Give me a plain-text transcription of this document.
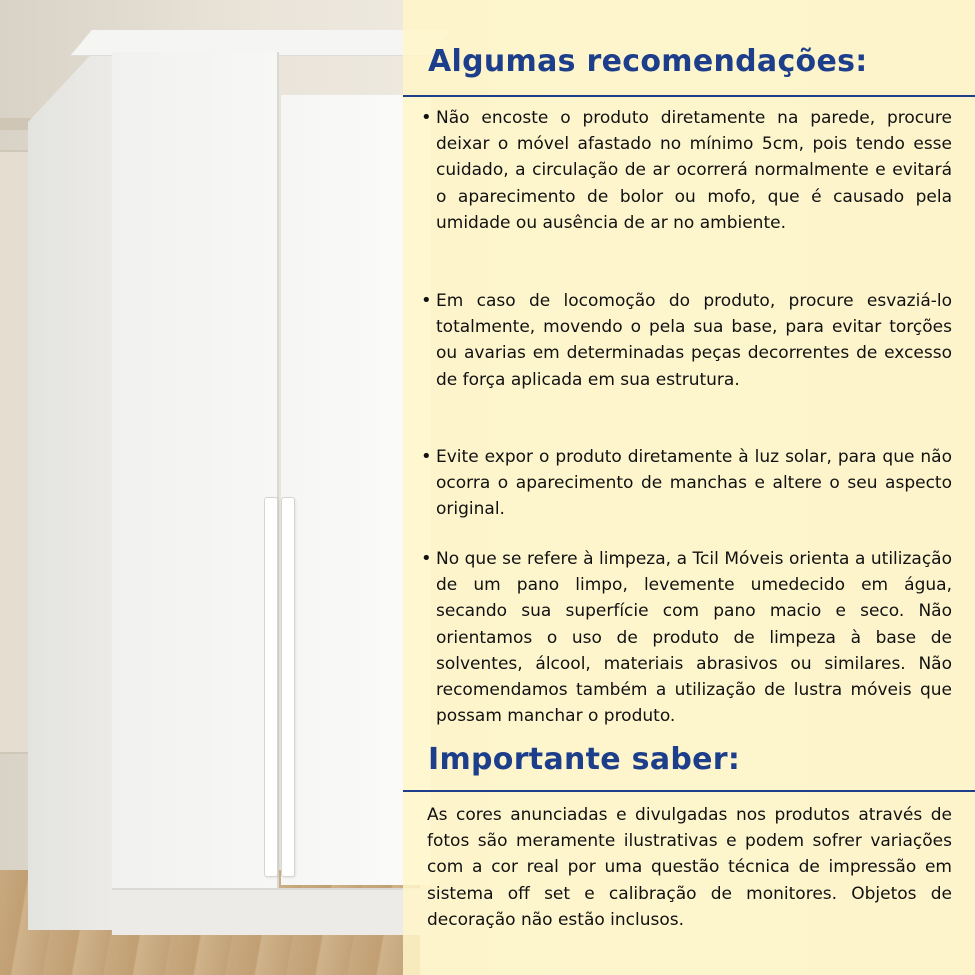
Algumas recomendações:
• Não encoste o produto diretamente na parede, procure deixar o móvel afastado no mínimo 5cm, pois tendo esse cuidado, a circulação de ar ocorrerá normalmente e evitará o aparecimento de bolor ou mofo, que é causado pela umidade ou ausência de ar no ambiente.

• Em caso de locomoção do produto, procure esvaziá-lo totalmente, movendo o pela sua base, para evitar torções ou avarias em determinadas peças decorrentes de excesso de força aplicada em sua estrutura.

• Evite expor o produto diretamente à luz solar, para que não ocorra o aparecimento de manchas e altere o seu aspecto original.

• No que se refere à limpeza, a Tcil Móveis orienta a utilização de um pano limpo, levemente umedecido em água, secando sua superfície com pano macio e seco. Não orientamos o uso de produto de limpeza à base de solventes, álcool, materiais abrasivos ou similares. Não recomendamos também a utilização de lustra móveis que possam manchar o produto.

Importante saber:

As cores anunciadas e divulgadas nos produtos através de fotos são meramente ilustrativas e podem sofrer variações com a cor real por uma questão técnica de impressão em sistema off set e calibração de monitores. Objetos de decoração não estão inclusos.
